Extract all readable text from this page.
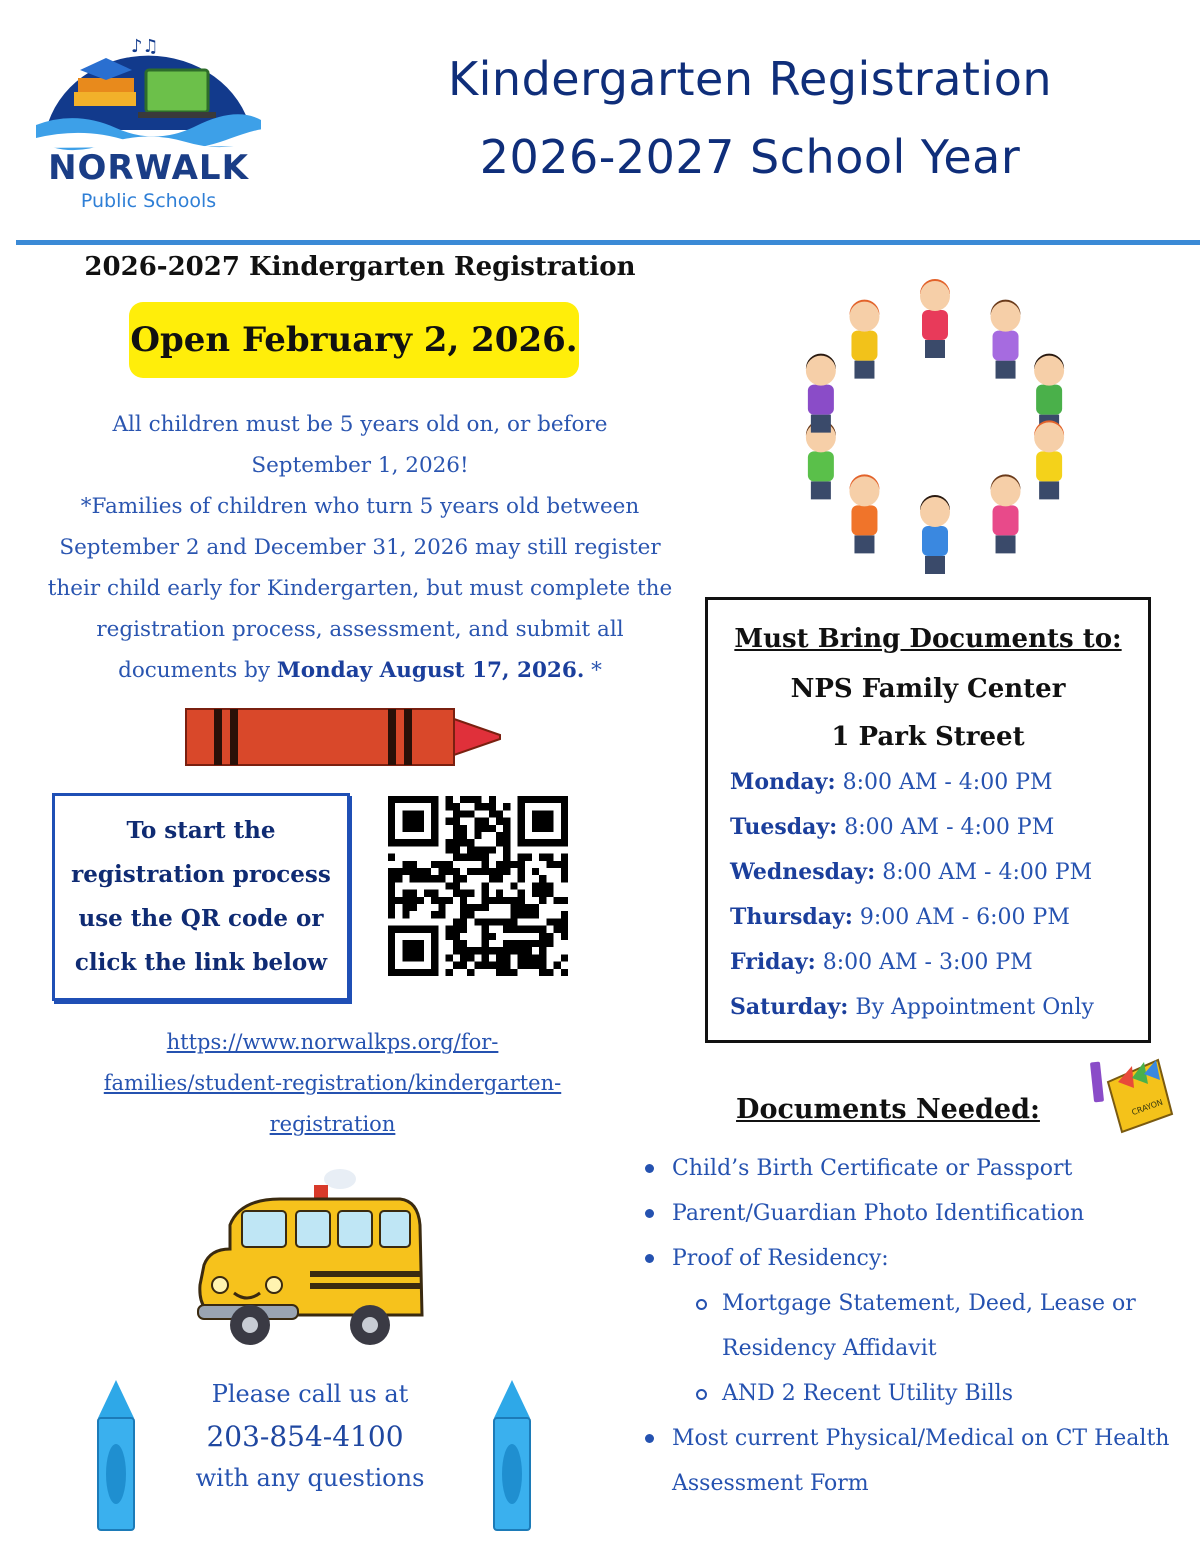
♪♫
NORWALK
Public Schools
Kindergarten Registration
2026-2027 School Year
2026-2027 Kindergarten Registration
Open February 2, 2026.
All children must be 5 years old on, or before
September 1, 2026!
*Families of children who turn 5 years old between September 2 and December 31, 2026 may still register their child early for Kindergarten, but must complete the registration process, assessment, and submit all documents by Monday August 17, 2026. *
To start the
registration process
use the QR code or
click the link below
https://www.norwalkps.org/for-
families/student-registration/kindergarten-
registration
Please call us at
203-854-4100
with any questions
Must Bring Documents to:
NPS Family Center
1 Park Street
Monday: 8:00 AM - 4:00 PM
Tuesday: 8:00 AM - 4:00 PM
Wednesday: 8:00 AM - 4:00 PM
Thursday: 9:00 AM - 6:00 PM
Friday: 8:00 AM - 3:00 PM
Saturday: By Appointment Only
CRAYON
Documents Needed:
Child’s Birth Certificate or Passport
Parent/Guardian Photo Identification
Proof of Residency:
Mortgage Statement, Deed, Lease or Residency Affidavit
AND 2 Recent Utility Bills
Most current Physical/Medical on CT Health Assessment Form
